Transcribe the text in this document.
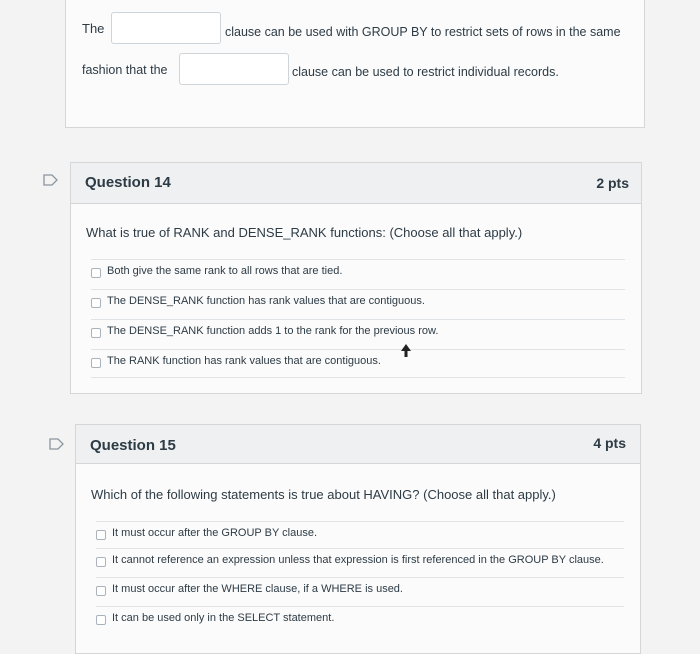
The	clause can be used with GROUP BY to restrict sets of rows in the same
fashion that the	clause can be used to restrict individual records.
Question 14	2 pts
What is true of RANK and DENSE_RANK functions: (Choose all that apply.)
Both give the same rank to all rows that are tied.
The DENSE_RANK function has rank values that are contiguous.
The DENSE_RANK function adds 1 to the rank for the previous row.
The RANK function has rank values that are contiguous.
Question 15	4 pts
Which of the following statements is true about HAVING? (Choose all that apply.)
It must occur after the GROUP BY clause.
It cannot reference an expression unless that expression is first referenced in the GROUP BY clause.
It must occur after the WHERE clause, if a WHERE is used.
It can be used only in the SELECT statement.
